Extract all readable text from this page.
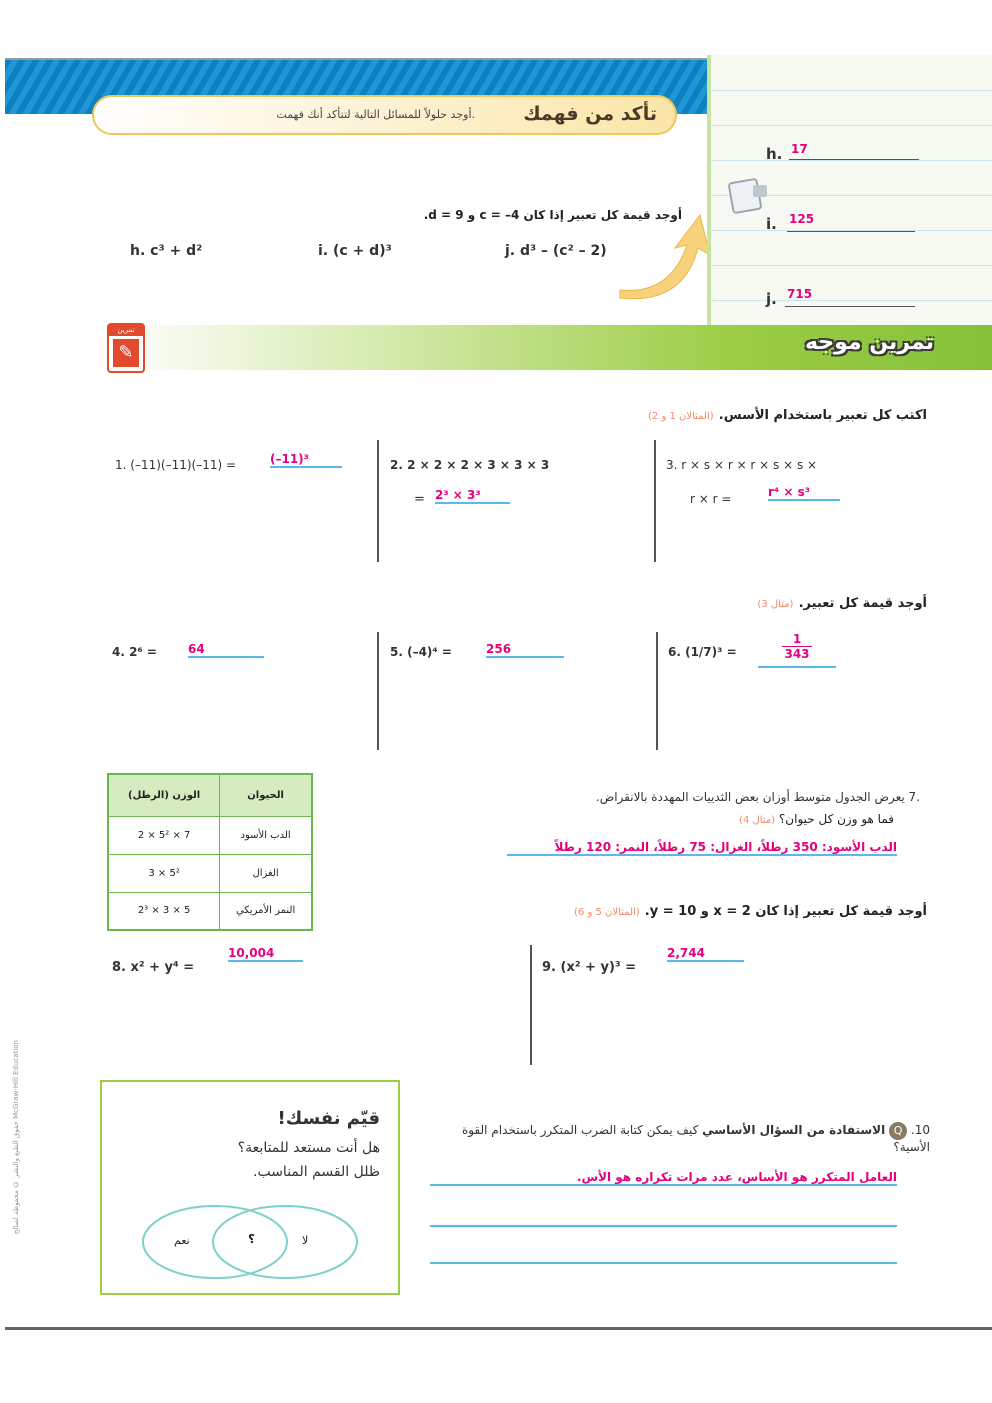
تأكد من فهمك
أوجد حلولاً للمسائل التالية لتتأكد أنك فهمت.
أوجد قيمة كل تعبير إذا كان 4– = c و 9 = d.
h. c³ + d²	i. (c + d)³	j. d³ – (c² – 2)
h. 17
i. 125
j. 715
تمرين موجه
تمرين
✎
اكتب كل تعبير باستخدام الأسس. (المثالان 1 و 2)
1. (–11)(–11)(–11) =	(–11)³	2. 2 × 2 × 2 × 3 × 3 × 3
= 2³ × 3³
3. r × s × r × r × s × s ×
r × r =	r⁴ × s³
أوجد قيمة كل تعبير. (مثال 3)
4. 2⁶ =	64	5. (–4)⁴ =	256	6. $(1/7)^3 = \frac{1}{343}$
الوزن (الرطل)	الحيوان
2 × 5² × 7	الدب الأسود
3 × 5²	الغزال
2³ × 3 × 5	النمر الأمريكي
.7 يعرض الجدول متوسط أوزان بعض الثدييات المهددة بالانقراض.
فما هو وزن كل حيوان؟ (مثال 4)
الدب الأسود: 350 رطلاً، الغزال: 75 رطلاً، النمر: 120 رطلاً
أوجد قيمة كل تعبير إذا كان 2 = x و 10 = y. (المثالان 5 و 6)
8. x² + y⁴ =
10,004
9. (x² + y)³ =
2,744
قيّم نفسك!
هل أنت مستعد للمتابعة؟
ظلل القسم المناسب.
نعم	؟	لا
10. Q الاستفادة من السؤال الأساسي كيف يمكن كتابة الضرب المتكرر باستخدام القوة الأسية؟
العامل المتكرر هو الأساس، عدد مرات تكراره هو الأس.
حقوق الطبع والنشر © محفوظة لصالح McGraw-Hill Education
